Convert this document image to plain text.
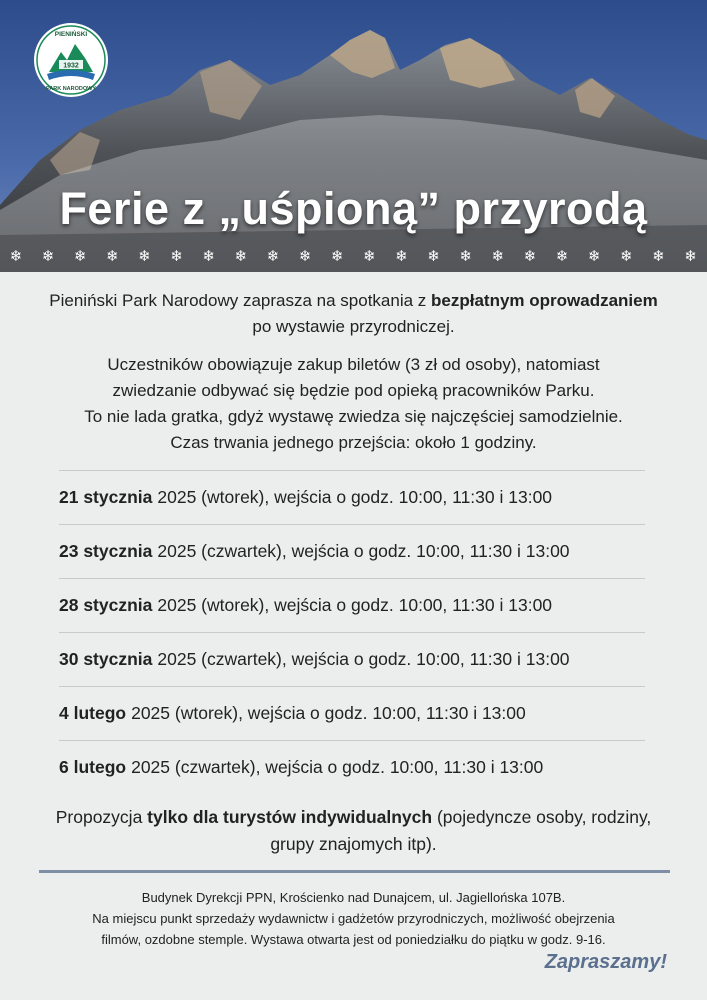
1932
PIENIŃSKI
PARK NARODOWY
Ferie z „uśpioną” przyrodą
❄ ❄ ❄ ❄ ❄ ❄ ❄ ❄ ❄ ❄ ❄ ❄ ❄ ❄ ❄ ❄ ❄ ❄ ❄ ❄ ❄ ❄

Pieniński Park Narodowy zaprasza na spotkania z bezpłatnym oprowadzaniem po wystawie przyrodniczej.

Uczestników obowiązuje zakup biletów (3 zł od osoby), natomiast
zwiedzanie odbywać się będzie pod opieką pracowników Parku.
To nie lada gratka, gdyż wystawę zwiedza się najczęściej samodzielnie.
Czas trwania jednego przejścia: około 1 godziny.

21 stycznia 2025 (wtorek), wejścia o godz. 10:00, 11:30 i 13:00
23 stycznia 2025 (czwartek), wejścia o godz. 10:00, 11:30 i 13:00
28 stycznia 2025 (wtorek), wejścia o godz. 10:00, 11:30 i 13:00
30 stycznia 2025 (czwartek), wejścia o godz. 10:00, 11:30 i 13:00
4 lutego 2025 (wtorek), wejścia o godz. 10:00, 11:30 i 13:00
6 lutego 2025 (czwartek), wejścia o godz. 10:00, 11:30 i 13:00

Propozycja tylko dla turystów indywidualnych (pojedyncze osoby, rodziny, grupy znajomych itp).

Budynek Dyrekcji PPN, Krościenko nad Dunajcem, ul. Jagiellońska 107B.
Na miejscu punkt sprzedaży wydawnictw i gadżetów przyrodniczych, możliwość obejrzenia
filmów, ozdobne stemple. Wystawa otwarta jest od poniedziałku do piątku w godz. 9-16.
Zapraszamy!
